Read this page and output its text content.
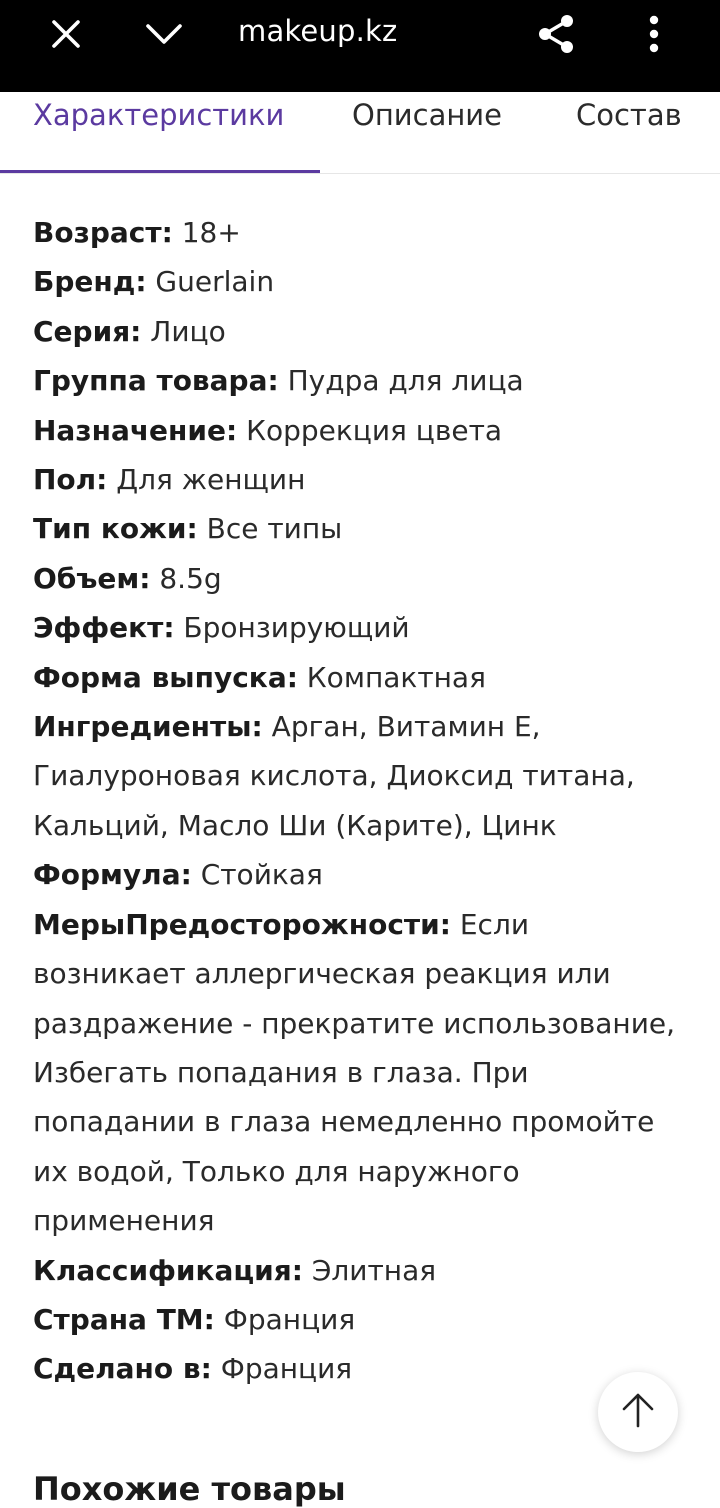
makeup.kz
Характеристики Описание	Состав
Возраст: 18+
Бренд: Guerlain
Серия: Лицо
Группа товара: Пудра для лица
Назначение: Коррекция цвета
Пол: Для женщин
Тип кожи: Все типы
Объем: 8.5g
Эффект: Бронзирующий
Форма выпуска: Компактная
Ингредиенты: Арган, Витамин Е, Гиалуроновая кислота, Диоксид титана, Кальций, Масло Ши (Карите), Цинк
Формула: Стойкая
МерыПредосторожности: Если возникает аллергическая реакция или раздражение - прекратите использование, Избегать попадания в глаза. При попадании в глаза немедленно промойте их водой, Только для наружного применения
Классификация: Элитная
Страна ТМ: Франция
Сделано в: Франция
Похожие товары
